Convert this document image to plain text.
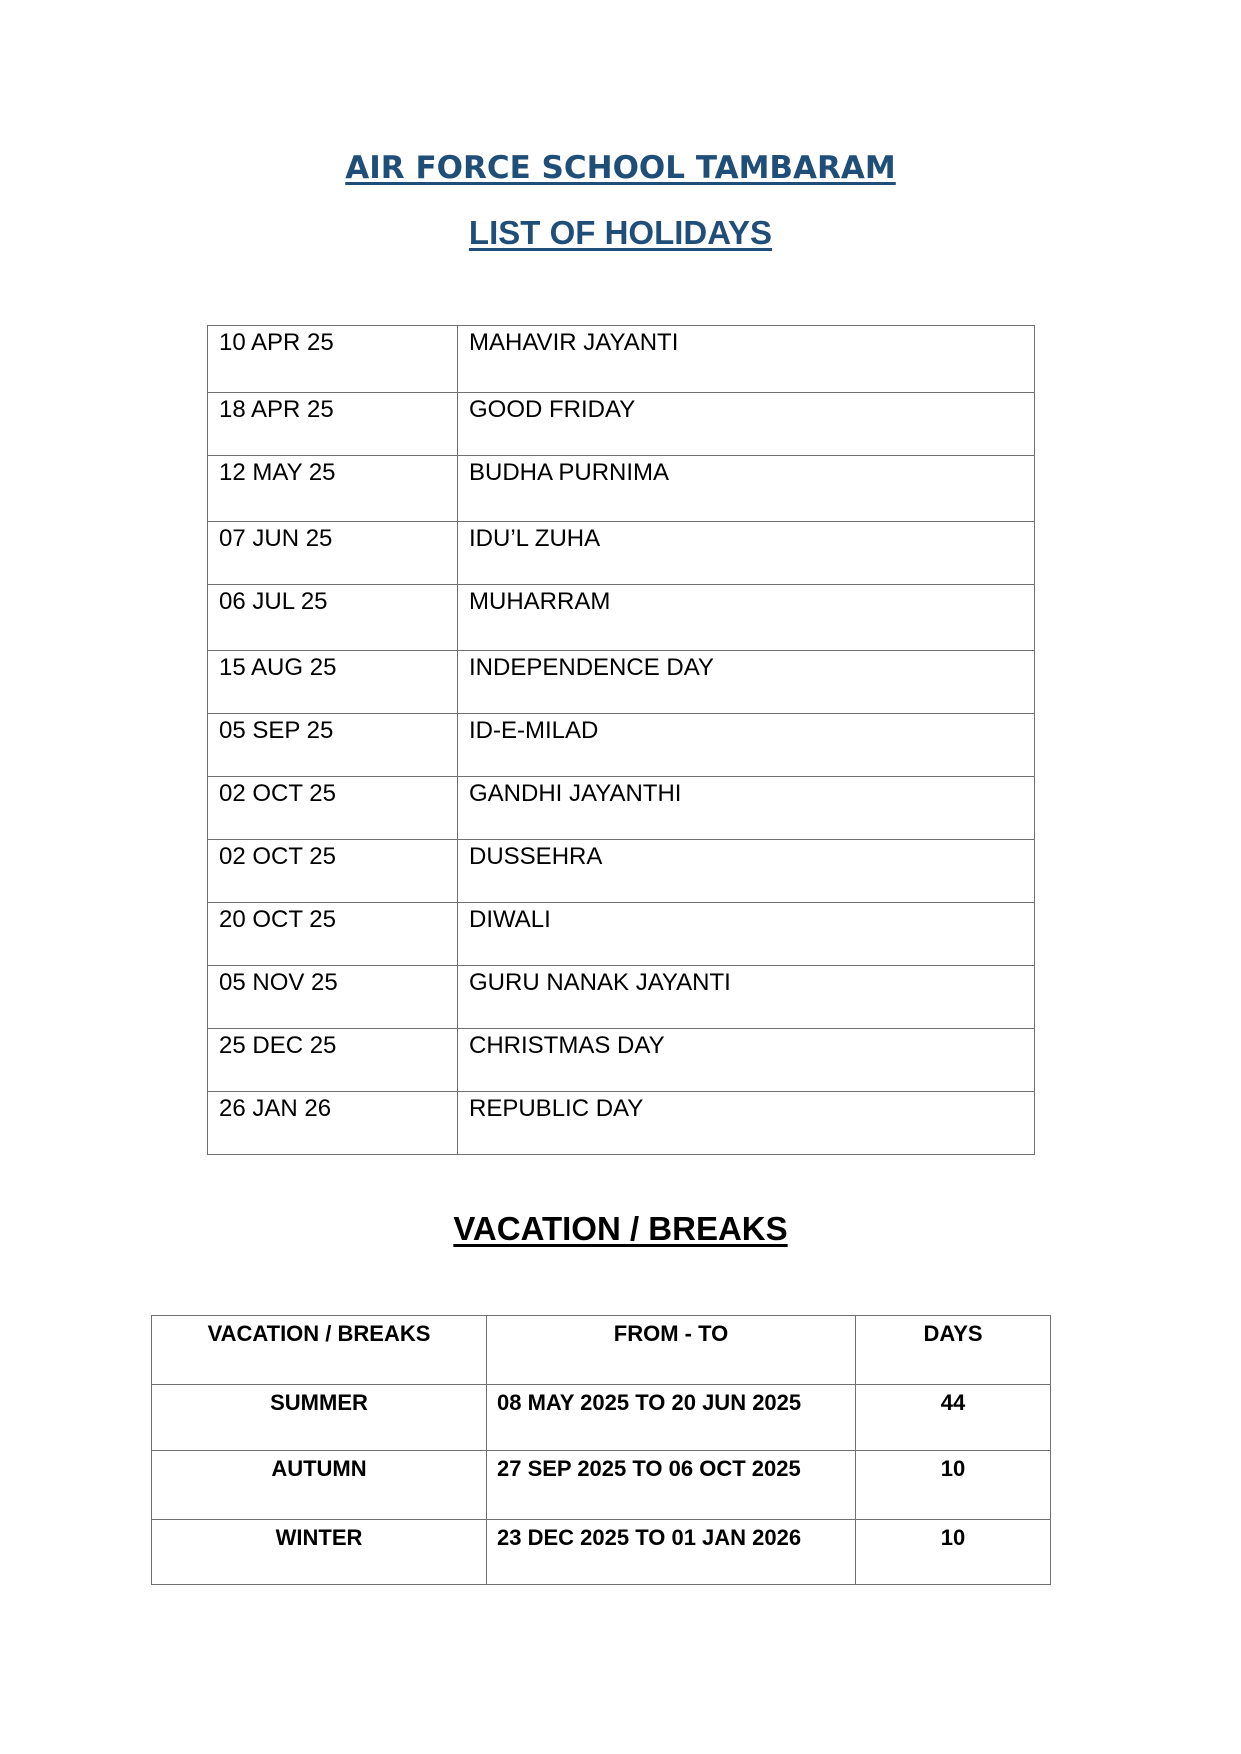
AIR FORCE SCHOOL TAMBARAM
LIST OF HOLIDAYS
10 APR 25	MAHAVIR JAYANTI
18 APR 25	GOOD FRIDAY
12 MAY 25	BUDHA PURNIMA
07 JUN 25	IDU’L ZUHA
06 JUL 25	MUHARRAM
15 AUG 25	INDEPENDENCE DAY
05 SEP 25	ID-E-MILAD
02 OCT 25	GANDHI JAYANTHI
02 OCT 25	DUSSEHRA
20 OCT 25	DIWALI
05 NOV 25	GURU NANAK JAYANTI
25 DEC 25	CHRISTMAS DAY
26 JAN 26	REPUBLIC DAY
VACATION / BREAKS
VACATION / BREAKS	FROM - TO	DAYS
SUMMER	08 MAY 2025 TO 20 JUN 2025	44
AUTUMN	27 SEP 2025 TO 06 OCT 2025	10
WINTER	23 DEC 2025 TO 01 JAN 2026	10
